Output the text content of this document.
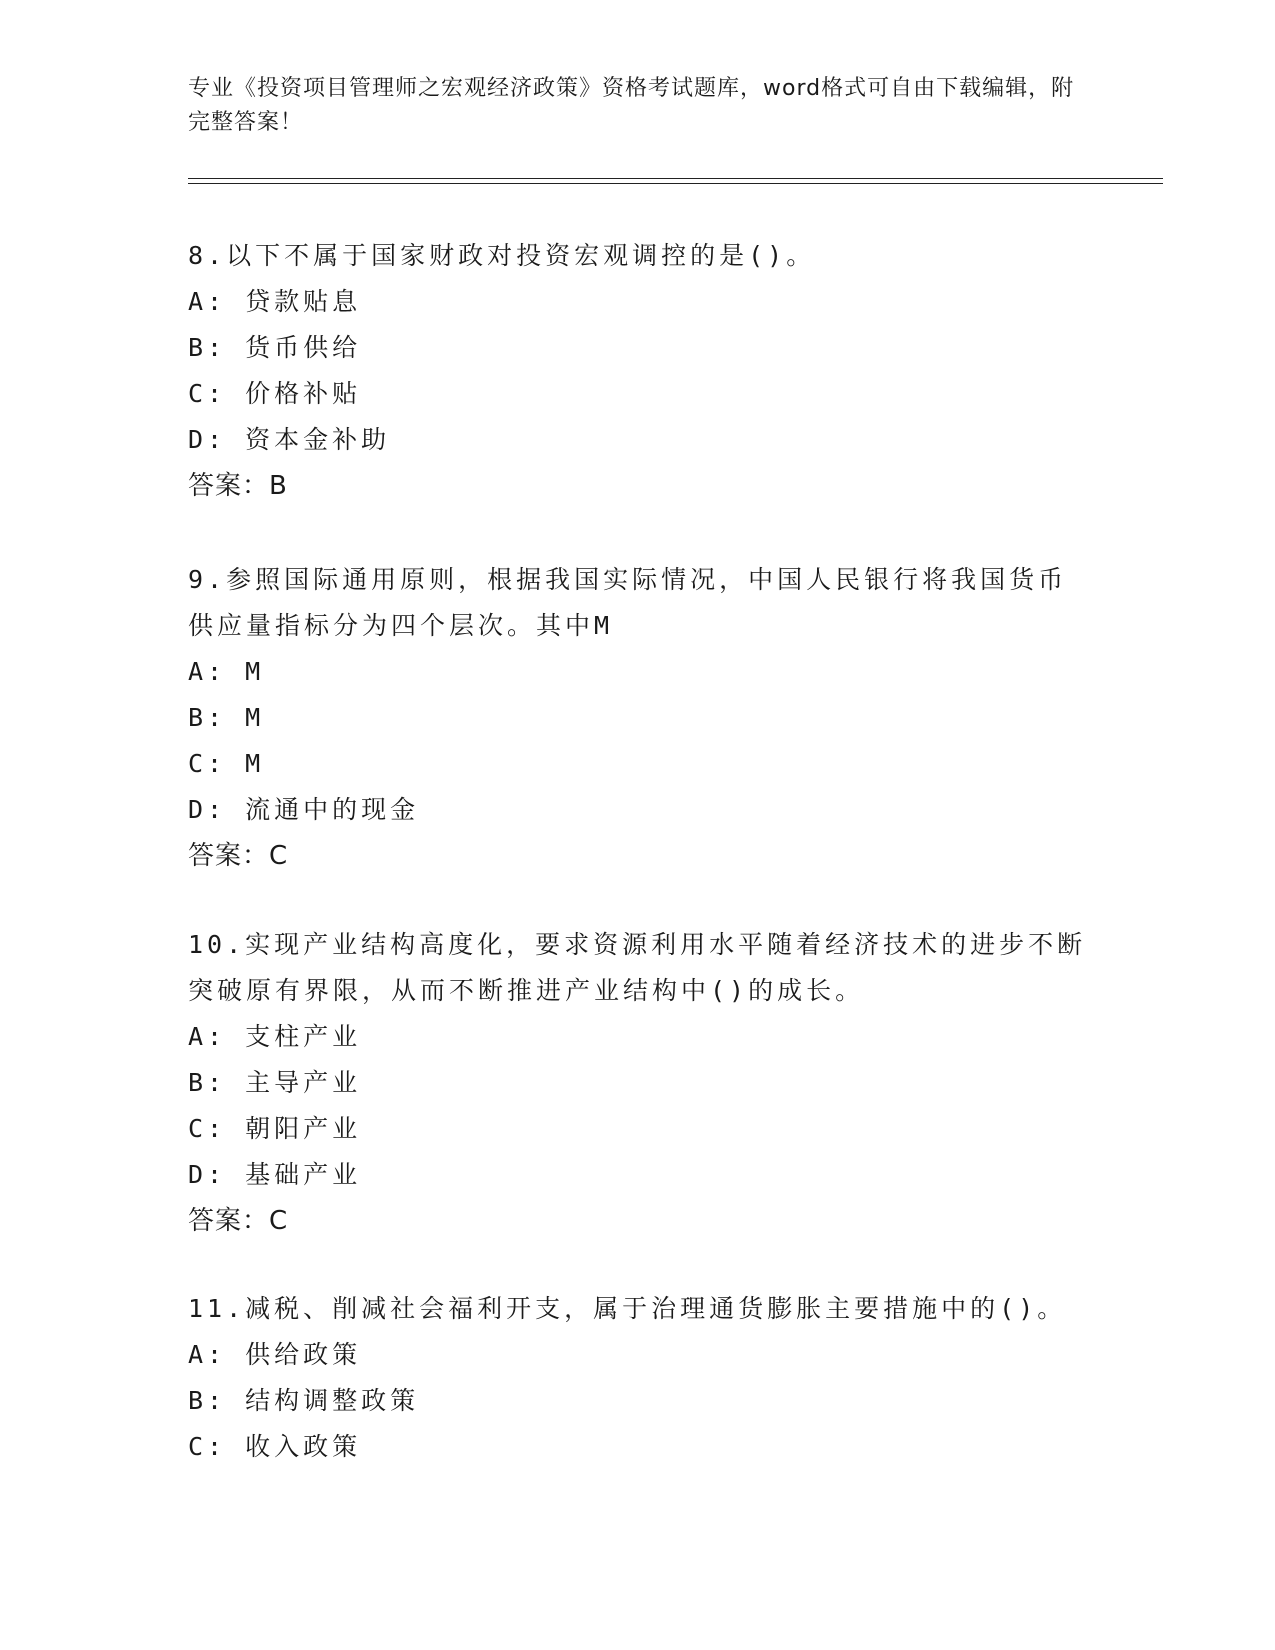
专业《投资项目管理师之宏观经济政策》资格考试题库，word格式可自由下载编辑，附完整答案！
8.以下不属于国家财政对投资宏观调控的是()。
A: 贷款贴息
B: 货币供给
C: 价格补贴
D: 资本金补助
答案：B
9.参照国际通用原则，根据我国实际情况，中国人民银行将我国货币供应量指标分为四个层次。其中M
A: M
B: M
C: M
D: 流通中的现金
答案：C
10.实现产业结构高度化，要求资源利用水平随着经济技术的进步不断突破原有界限，从而不断推进产业结构中()的成长。
A: 支柱产业
B: 主导产业
C: 朝阳产业
D: 基础产业
答案：C
11.减税、削减社会福利开支，属于治理通货膨胀主要措施中的()。
A: 供给政策
B: 结构调整政策
C: 收入政策
